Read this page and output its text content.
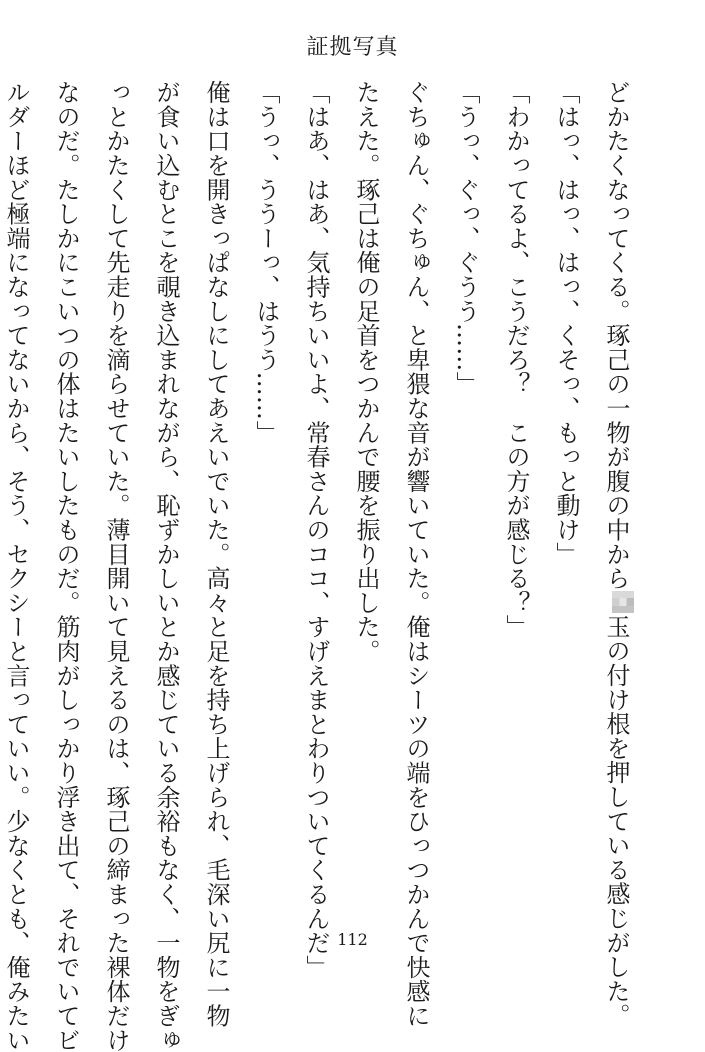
証拠写真
どかたくなってくる。琢己の一物が腹の中から玉の付け根を押している感じがした。
「はっ、はっ、はっ、くそっ、もっと動け」
「わかってるよ、こうだろ？　この方が感じる？」
「うっ、ぐっ、ぐうう……」
ぐちゅん、ぐちゅん、と卑猥な音が響いていた。俺はシーツの端をひっつかんで快感に
たえた。琢己は俺の足首をつかんで腰を振り出した。
「はあ、はあ、気持ちいいよ、常春さんのココ、すげえまとわりついてくるんだ」
「うっ、ううーっ、はうう……」
俺は口を開きっぱなしにしてあえいでいた。高々と足を持ち上げられ、毛深い尻に一物
が食い込むとこを覗き込まれながら、恥ずかしいとか感じている余裕もなく、一物をぎゅ
っとかたくして先走りを滴らせていた。薄目開いて見えるのは、琢己の締まった裸体だけ
なのだ。たしかにこいつの体はたいしたものだ。筋肉がしっかり浮き出て、それでいてビ
ルダーほど極端になってないから、そう、セクシーと言っていい。少なくとも、俺みたい	112
